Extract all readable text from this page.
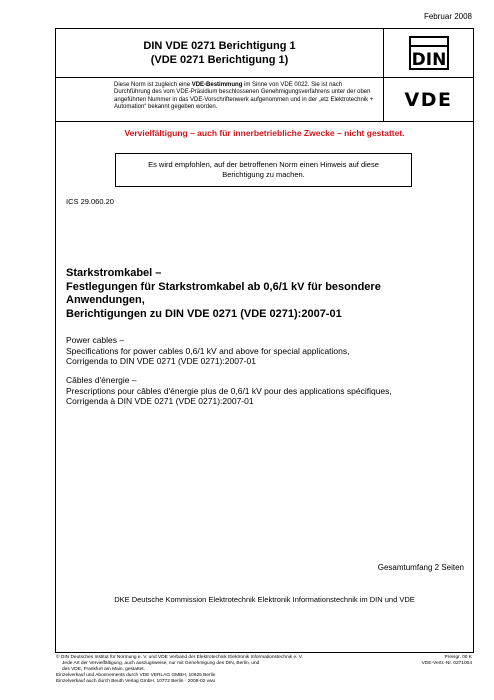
Februar 2008
DIN VDE 0271 Berichtigung 1
(VDE 0271 Berichtigung 1)
Diese Norm ist zugleich eine VDE-Bestimmung im Sinne von VDE 0022. Sie ist nach Durchführung des vom VDE-Präsidium beschlossenen Genehmigungsverfahrens unter der oben angeführten Nummer in das VDE-Vorschriftenwerk aufgenommen und in der „etz Elektrotechnik + Automation“ bekannt gegeben worden.
DIN
VDE
Vervielfältigung – auch für innerbetriebliche Zwecke – nicht gestattet.
Es wird empfohlen, auf der betroffenen Norm einen Hinweis auf diese Berichtigung zu machen.
ICS 29.060.20
Starkstromkabel –
Festlegungen für Starkstromkabel ab 0,6/1 kV für besondere
Anwendungen,
Berichtigungen zu DIN VDE 0271 (VDE 0271):2007-01
Power cables –
Specifications for power cables 0,6/1 kV and above for special applications,
Corrigenda to DIN VDE 0271 (VDE 0271):2007-01
Câbles d'énergie –
Prescriptions pour câbles d'énergie plus de 0,6/1 kV pour des applications spécifiques,
Corrigenda à DIN VDE 0271 (VDE 0271):2007-01
Gesamtumfang 2 Seiten
DKE Deutsche Kommission Elektrotechnik Elektronik Informationstechnik im DIN und VDE
© DIN Deutsches Institut für Normung e. V. und VDE Verband der Elektrotechnik Elektronik Informationstechnik e. V.
Jede Art der Vervielfältigung, auch auszugsweise, nur mit Genehmigung des DIN, Berlin, und
des VDE, Frankfurt am Main, gestattet.
Einzelverkauf und Abonnements durch VDE VERLAG GMBH, 10625 Berlin
Einzelverkauf auch durch Beuth Verlag GmbH, 10772 Berlin · 2008-02 vwu
Preisgr. 00 K
VDE-Vertr.-Nr. 0271004
